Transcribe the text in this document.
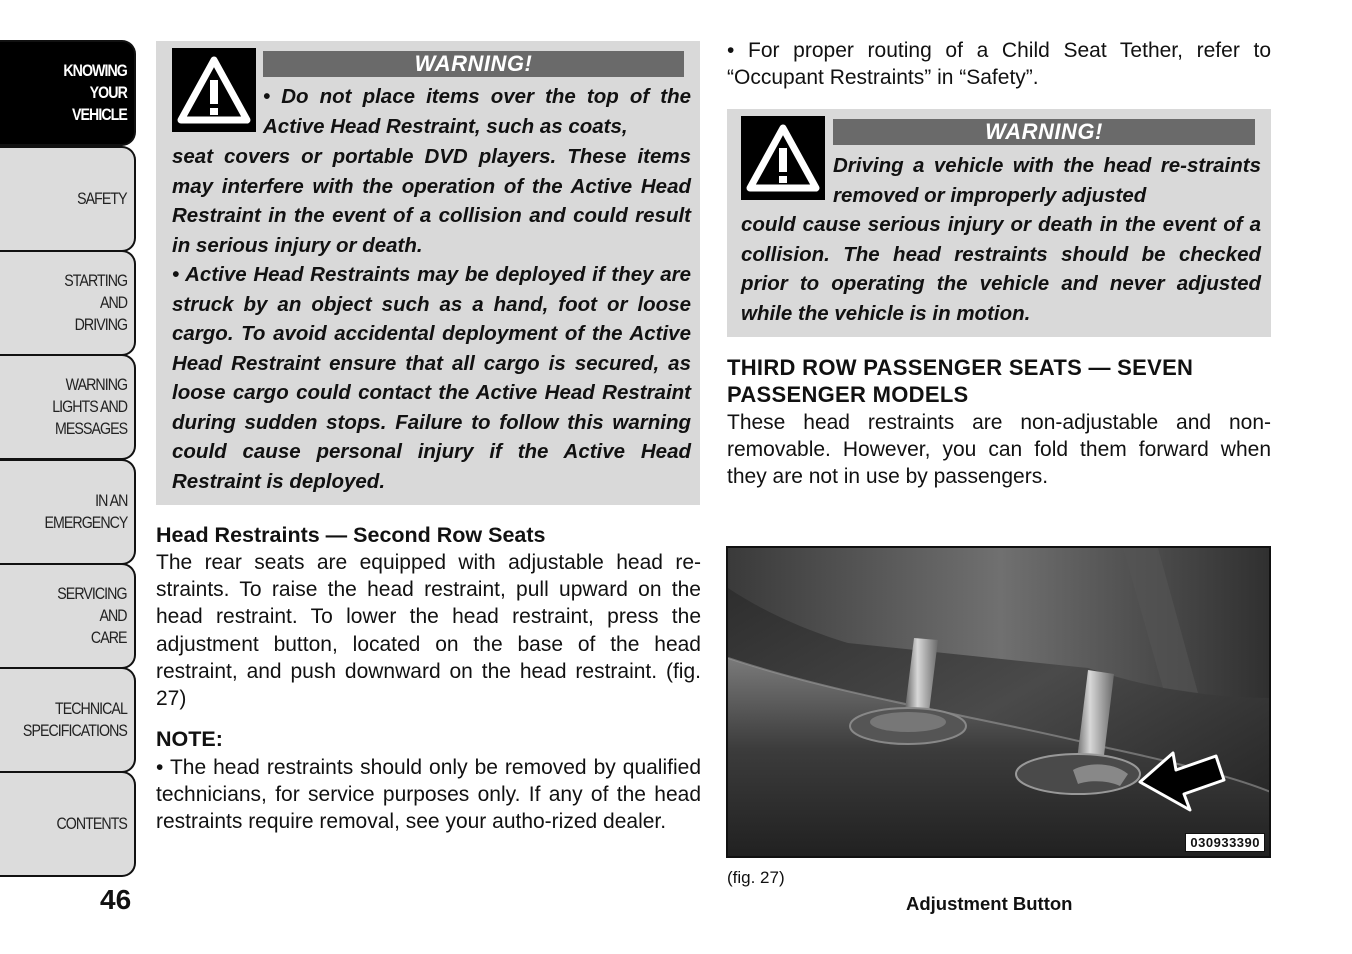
KNOWING
YOUR
VEHICLE
SAFETY
STARTING
AND
DRIVING
WARNING
LIGHTS AND
MESSAGES
IN AN
EMERGENCY
SERVICING
AND
CARE
TECHNICAL
SPECIFICATIONS
CONTENTS
46
WARNING!
• Do not place items over the top of the Active Head Restraint, such as coats,
seat covers or portable DVD players. These items may interfere with the operation of the Active Head Restraint in the event of a collision and could result in serious injury or death.
• Active Head Restraints may be deployed if they are struck by an object such as a hand, foot or loose cargo. To avoid accidental deployment of the Active Head Restraint ensure that all cargo is secured, as loose cargo could contact the Active Head Restraint during sudden stops. Failure to follow this warning could cause personal injury if the Active Head Restraint is deployed.
Head Restraints — Second Row Seats
The rear seats are equipped with adjustable head re-straints. To raise the head restraint, pull upward on the head restraint. To lower the head restraint, press the adjustment button, located on the base of the head restraint, and push downward on the head restraint. (fig. 27)
NOTE:
• The head restraints should only be removed by qualified technicians, for service purposes only. If any of the head restraints require removal, see your autho-rized dealer.
• For proper routing of a Child Seat Tether, refer to “Occupant Restraints” in “Safety”.
WARNING!
Driving a vehicle with the head re-straints removed or improperly adjusted
could cause serious injury or death in the event of a collision. The head restraints should be checked prior to operating the vehicle and never adjusted while the vehicle is in motion.
THIRD ROW PASSENGER SEATS — SEVEN PASSENGER MODELS
These head restraints are non-adjustable and non-removable. However, you can fold them forward when they are not in use by passengers.
030933390
(fig. 27)
Adjustment Button
